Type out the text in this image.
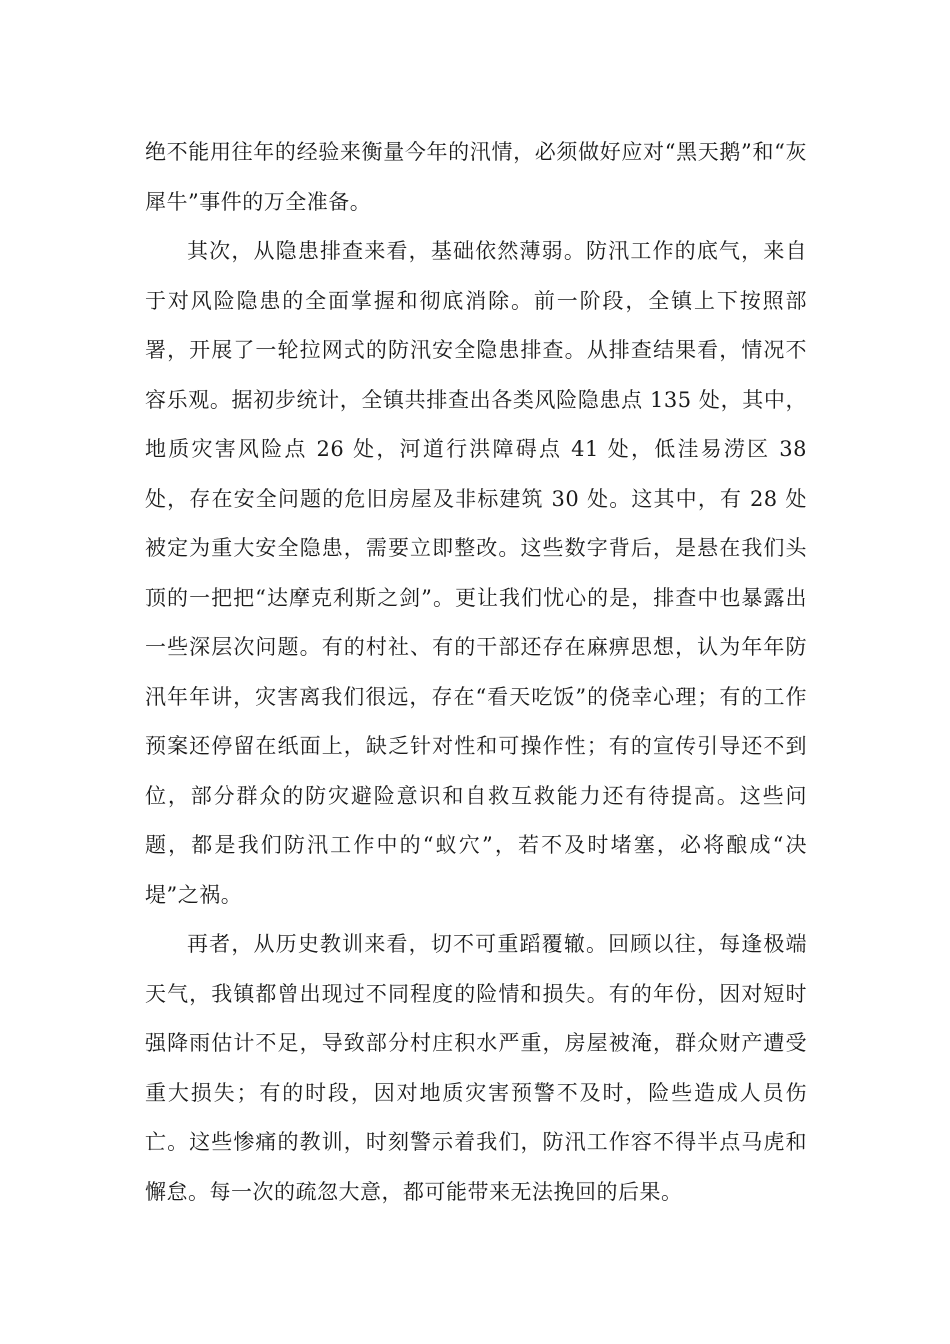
绝不能用往年的经验来衡量今年的汛情，必须做好应对“黑天鹅”和“灰犀牛”事件的万全准备。

其次，从隐患排查来看，基础依然薄弱。防汛工作的底气，来自于对风险隐患的全面掌握和彻底消除。前一阶段，全镇上下按照部署，开展了一轮拉网式的防汛安全隐患排查。从排查结果看，情况不容乐观。据初步统计，全镇共排查出各类风险隐患点 135 处，其中，地质灾害风险点 26 处，河道行洪障碍点 41 处，低洼易涝区 38 处，存在安全问题的危旧房屋及非标建筑 30 处。这其中，有 28 处被定为重大安全隐患，需要立即整改。这些数字背后，是悬在我们头顶的一把把“达摩克利斯之剑”。更让我们忧心的是，排查中也暴露出一些深层次问题。有的村社、有的干部还存在麻痹思想，认为年年防汛年年讲，灾害离我们很远，存在“看天吃饭”的侥幸心理；有的工作预案还停留在纸面上，缺乏针对性和可操作性；有的宣传引导还不到位，部分群众的防灾避险意识和自救互救能力还有待提高。这些问题，都是我们防汛工作中的“蚁穴”，若不及时堵塞，必将酿成“决堤”之祸。

再者，从历史教训来看，切不可重蹈覆辙。回顾以往，每逢极端天气，我镇都曾出现过不同程度的险情和损失。有的年份，因对短时强降雨估计不足，导致部分村庄积水严重，房屋被淹，群众财产遭受重大损失；有的时段，因对地质灾害预警不及时，险些造成人员伤亡。这些惨痛的教训，时刻警示着我们，防汛工作容不得半点马虎和懈怠。每一次的疏忽大意，都可能带来无法挽回的后果。
